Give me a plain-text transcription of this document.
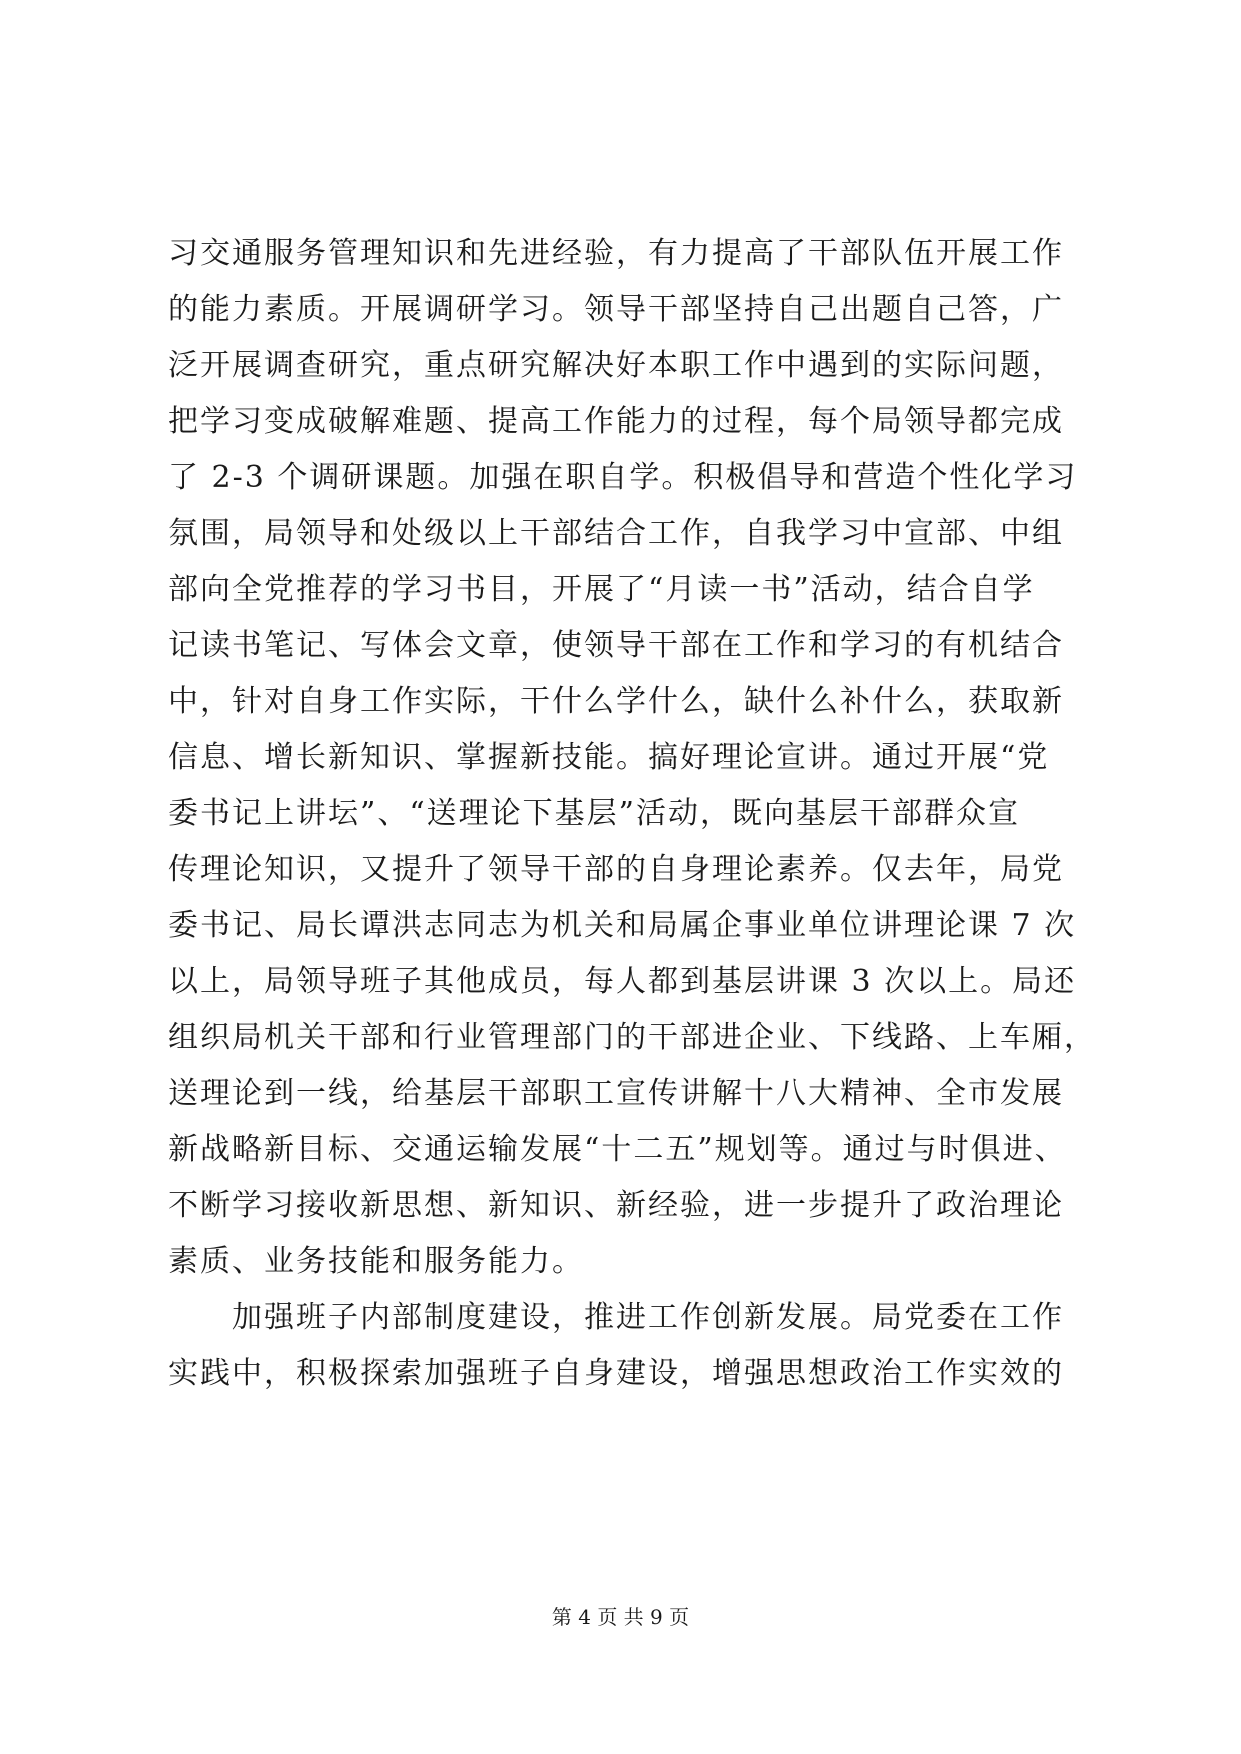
习交通服务管理知识和先进经验，有力提高了干部队伍开展工作
的能力素质。开展调研学习。领导干部坚持自己出题自己答，广
泛开展调查研究，重点研究解决好本职工作中遇到的实际问题，
把学习变成破解难题、提高工作能力的过程，每个局领导都完成
了 2-3 个调研课题。加强在职自学。积极倡导和营造个性化学习
氛围，局领导和处级以上干部结合工作，自我学习中宣部、中组
部向全党推荐的学习书目，开展了“月读一书”活动，结合自学
记读书笔记、写体会文章，使领导干部在工作和学习的有机结合
中，针对自身工作实际，干什么学什么，缺什么补什么，获取新
信息、增长新知识、掌握新技能。搞好理论宣讲。通过开展“党
委书记上讲坛”、“送理论下基层”活动，既向基层干部群众宣
传理论知识，又提升了领导干部的自身理论素养。仅去年，局党
委书记、局长谭洪志同志为机关和局属企事业单位讲理论课 7 次
以上，局领导班子其他成员，每人都到基层讲课 3 次以上。局还
组织局机关干部和行业管理部门的干部进企业、下线路、上车厢，
送理论到一线，给基层干部职工宣传讲解十八大精神、全市发展
新战略新目标、交通运输发展“十二五”规划等。通过与时俱进、
不断学习接收新思想、新知识、新经验，进一步提升了政治理论
素质、业务技能和服务能力。
　　加强班子内部制度建设，推进工作创新发展。局党委在工作
实践中，积极探索加强班子自身建设，增强思想政治工作实效的
第 4 页 共 9 页
